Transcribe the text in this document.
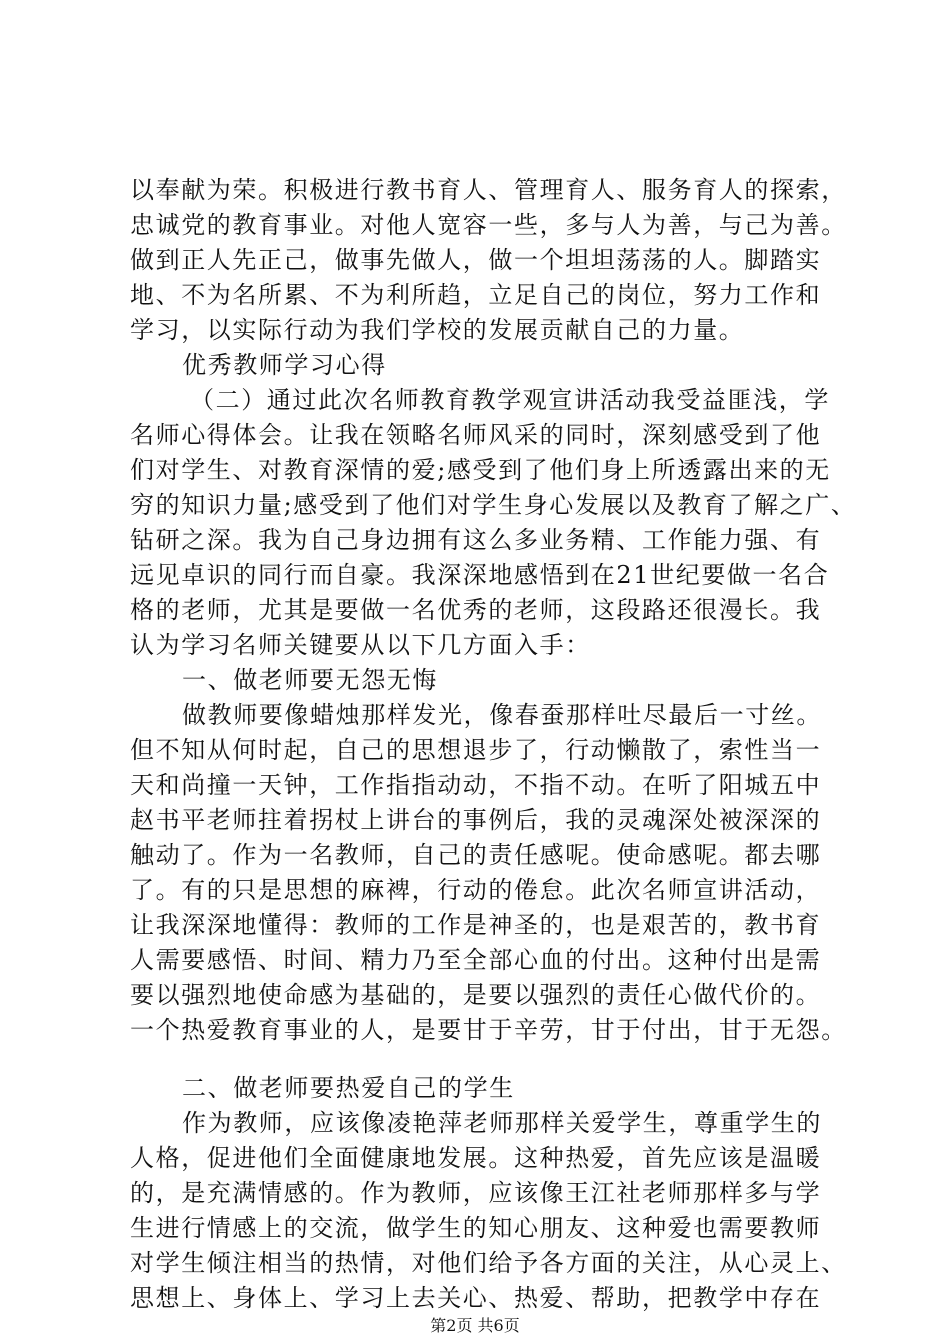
以奉献为荣。积极进行教书育人、管理育人、服务育人的探索，
忠诚党的教育事业。对他人宽容一些，多与人为善，与己为善。
做到正人先正己，做事先做人，做一个坦坦荡荡的人。脚踏实
地、不为名所累、不为利所趋，立足自己的岗位，努力工作和
学习，以实际行动为我们学校的发展贡献自己的力量。
优秀教师学习心得
（二）通过此次名师教育教学观宣讲活动我受益匪浅，学
名师心得体会。让我在领略名师风采的同时，深刻感受到了他
们对学生、对教育深情的爱;感受到了他们身上所透露出来的无
穷的知识力量;感受到了他们对学生身心发展以及教育了解之广、
钻研之深。我为自己身边拥有这么多业务精、工作能力强、有
远见卓识的同行而自豪。我深深地感悟到在21世纪要做一名合
格的老师，尤其是要做一名优秀的老师，这段路还很漫长。我
认为学习名师关键要从以下几方面入手：
一、做老师要无怨无悔
做教师要像蜡烛那样发光，像春蚕那样吐尽最后一寸丝。
但不知从何时起，自己的思想退步了，行动懒散了，索性当一
天和尚撞一天钟，工作指指动动，不指不动。在听了阳城五中
赵书平老师拄着拐杖上讲台的事例后，我的灵魂深处被深深的
触动了。作为一名教师，自己的责任感呢。使命感呢。都去哪
了。有的只是思想的麻裨，行动的倦怠。此次名师宣讲活动，
让我深深地懂得：教师的工作是神圣的，也是艰苦的，教书育
人需要感悟、时间、精力乃至全部心血的付出。这种付出是需
要以强烈地使命感为基础的，是要以强烈的责任心做代价的。
一个热爱教育事业的人，是要甘于辛劳，甘于付出，甘于无怨。
二、做老师要热爱自己的学生
作为教师，应该像凌艳萍老师那样关爱学生，尊重学生的
人格，促进他们全面健康地发展。这种热爱，首先应该是温暖
的，是充满情感的。作为教师，应该像王江社老师那样多与学
生进行情感上的交流，做学生的知心朋友、这种爱也需要教师
对学生倾注相当的热情，对他们给予各方面的关注，从心灵上、
思想上、身体上、学习上去关心、热爱、帮助，把教学中存在
第2页 共6页
